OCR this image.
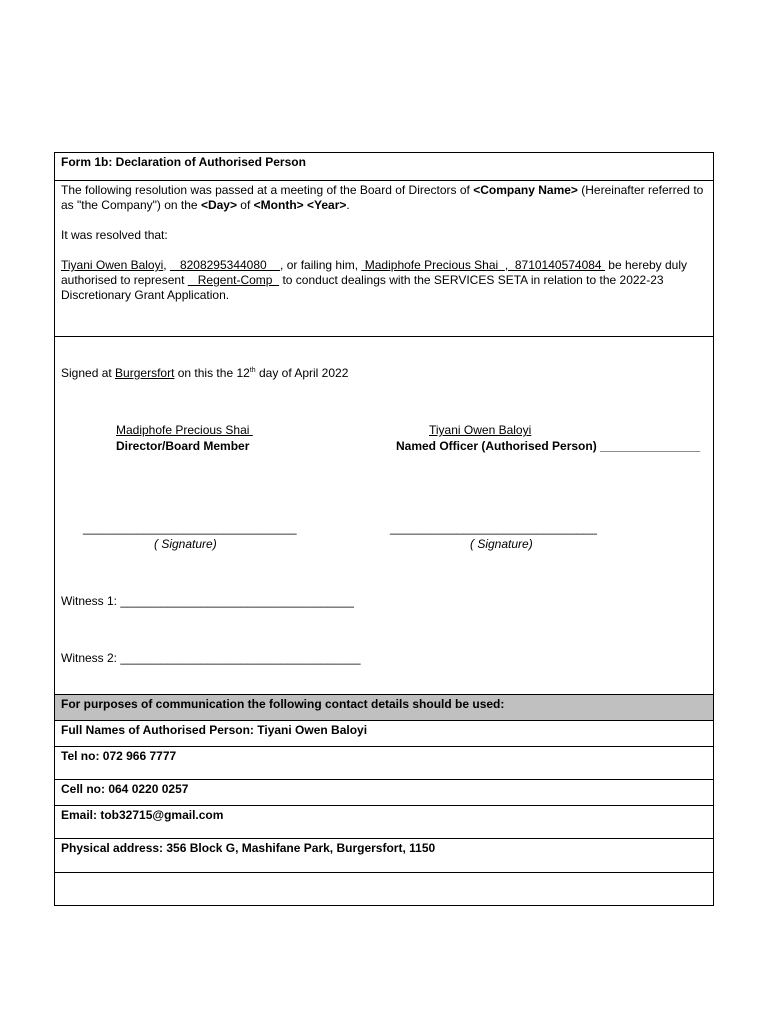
Form 1b: Declaration of Authorised Person

The following resolution was passed at a meeting of the Board of Directors of <Company Name> (Hereinafter referred to as "the Company") on the <Day> of <Month> <Year>.

It was resolved that:

Tiyani Owen Baloyi,    8208295344080    , or failing him,  Madiphofe Precious Shai  ,  8710140574084  be hereby duly authorised to represent    Regent-Comp   to conduct dealings with the SERVICES SETA in relation to the 2022-23 Discretionary Grant Application.

Signed at Burgersfort on this the 12th day of April 2022
Madiphofe Precious Shai
Director/Board Member
Tiyani Owen Baloyi
Named Officer (Authorised Person) _______________
________________________________	_______________________________
( Signature)	( Signature)
Witness 1: ___________________________________
Witness 2: ____________________________________
For purposes of communication the following contact details should be used:
Full Names of Authorised Person: Tiyani Owen Baloyi
Tel no: 072 966 7777
Cell no: 064 0220 0257
Email: tob32715@gmail.com
Physical address: 356 Block G, Mashifane Park, Burgersfort, 1150
